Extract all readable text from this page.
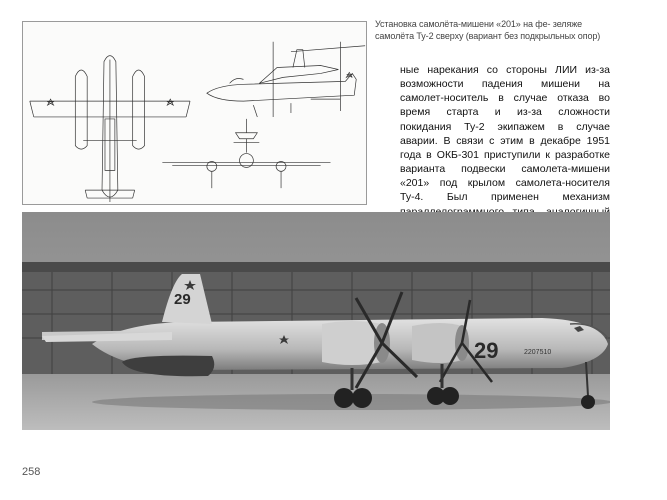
Установка самолёта-мишени «201» на фе- зеляже самолёта Ту-2 сверху (вариант без подкрыльных опор)

ные нарекания со стороны ЛИИ из-за возможности падения мишени на самолет-носитель в случае отказа во время старта и из-за сложности покидания Ту-2 экипажем в случае аварии. В связи с этим в декабре 1951 года в ОКБ-301 приступили к разработке варианта подвески самолета-мишени «201» под крылом самолета-носителя Ту-4. Был применен механизм

29
29	2207510
258
